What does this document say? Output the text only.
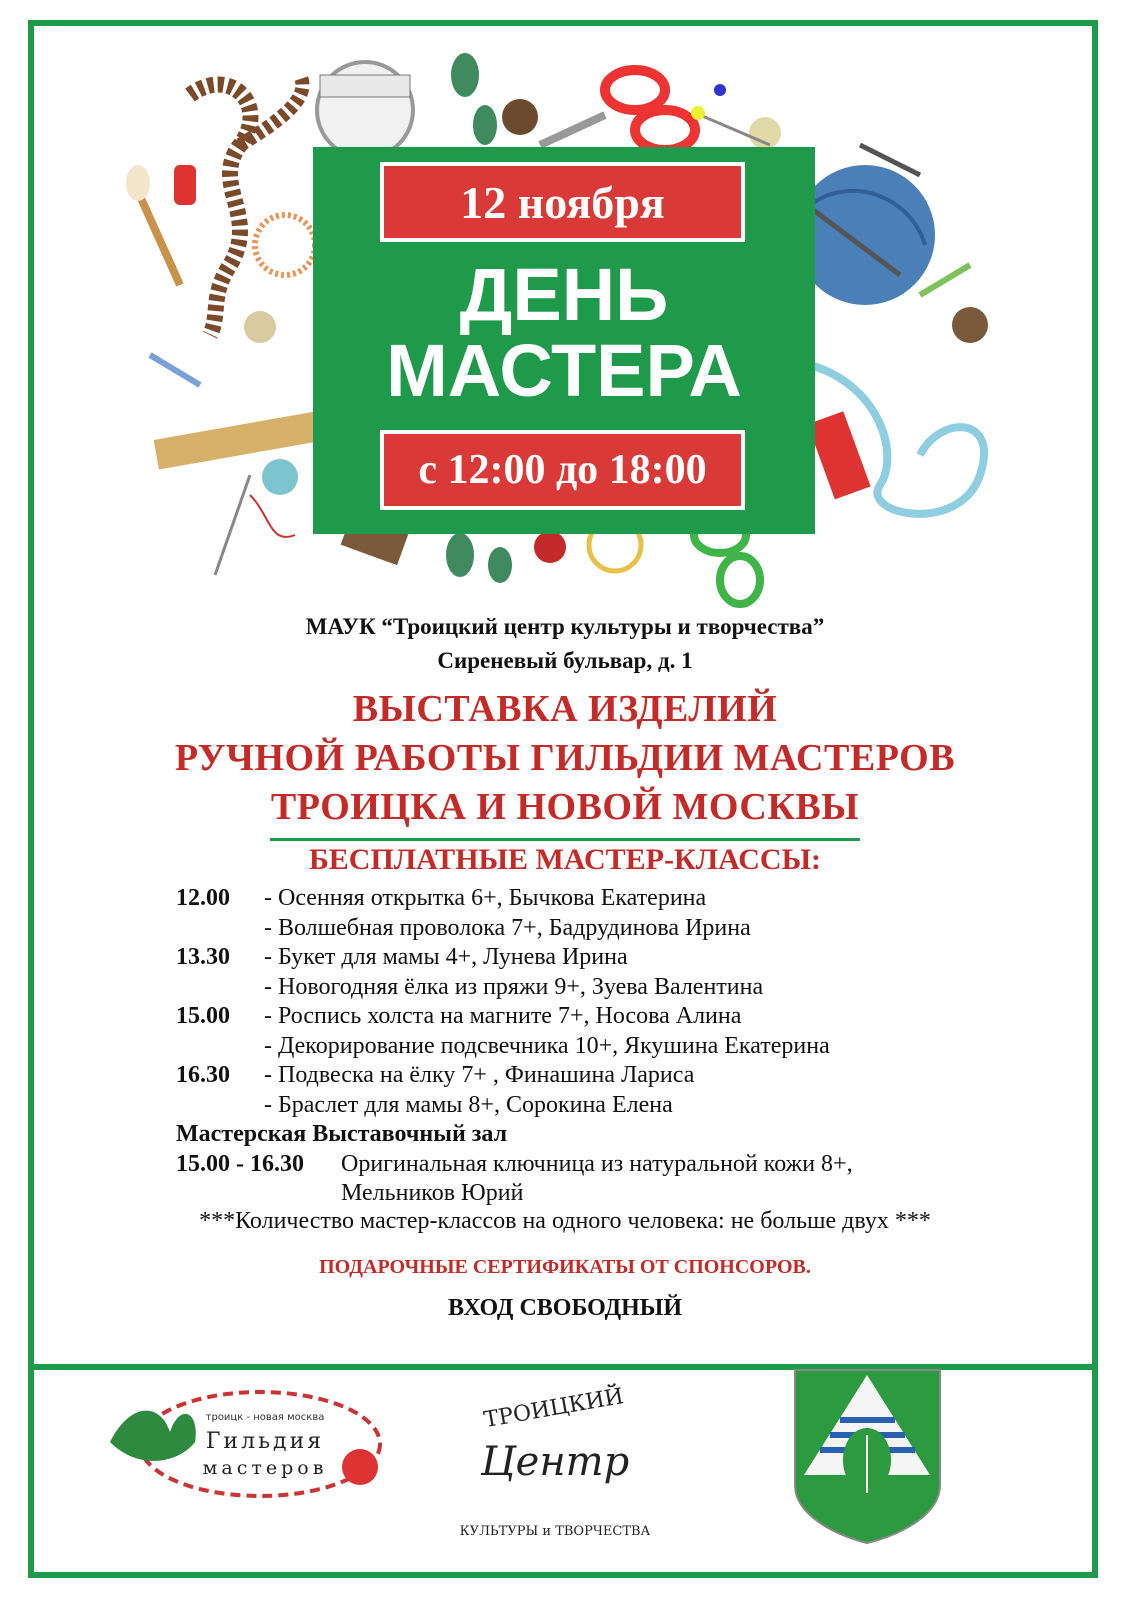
12 ноября
ДЕНЬ
МАСТЕРА
с 12:00 до 18:00
МАУК “Троицкий центр культуры и творчества”
Сиреневый бульвар, д. 1
ВЫСТАВКА ИЗДЕЛИЙ
РУЧНОЙ РАБОТЫ ГИЛЬДИИ МАСТЕРОВ
ТРОИЦКА И НОВОЙ МОСКВЫ
БЕСПЛАТНЫЕ МАСТЕР-КЛАССЫ:
12.00	- Осенняя открытка 6+, Бычкова Екатерина
- Волшебная проволока 7+, Бадрудинова Ирина
13.30	- Букет для мамы 4+, Лунева Ирина
- Новогодняя ёлка из пряжи 9+, Зуева Валентина
15.00	- Роспись холста на магните 7+, Носова Алина
- Декорирование подсвечника 10+, Якушина Екатерина
16.30	- Подвеска на ёлку 7+ , Финашина Лариса
- Браслет для мамы 8+, Сорокина Елена
Мастерская Выставочный зал
15.00 - 16.30	Оригинальная ключница из натуральной кожи 8+,
Мельников Юрий
***Количество мастер-классов на одного человека: не больше двух ***
ПОДАРОЧНЫЕ СЕРТИФИКАТЫ ОТ СПОНСОРОВ.
ВХОД СВОБОДНЫЙ
троицк - новая москва
Гильдия
мастеров
ТРОИЦКИЙ
Центр
КУЛЬТУРЫ и ТВОРЧЕСТВА
